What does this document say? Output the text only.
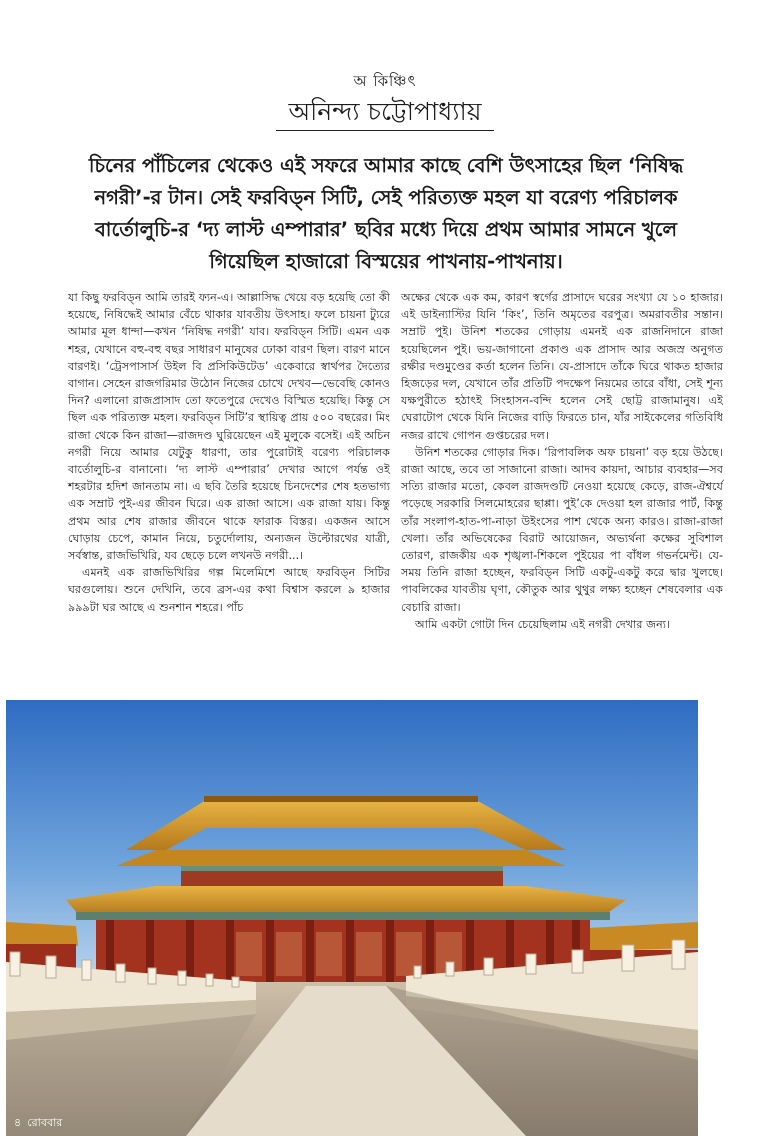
অ কিঞ্চিৎ
অনিন্দ্য চট্টোপাধ্যায়
চিনের পাঁচিলের থেকেও এই সফরে আমার কাছে বেশি উৎসাহের ছিল ‘নিষিদ্ধ নগরী’-র টান। সেই ফরবিড্‌ন সিটি, সেই পরিত্যক্ত মহল যা বরেণ্য পরিচালক বার্তোলুচি-র ‘দ্য লাস্ট এম্পারার’ ছবির মধ্যে দিয়ে প্রথম আমার সামনে খুলে গিয়েছিল হাজারো বিস্ময়ের পাখনায়-পাখনায়।

যা কিছু ফরবিড্‌ন আমি তারই ফ্যন-এ। আল্লাসিদ্ধ খেয়ে বড় হয়েছি তো কী হয়েছে, নিষিদ্ধেই আমার বেঁচে থাকার যাবতীয় উৎসাহ। ফলে চায়না ট্যুরে আমার মূল ধান্দা—কখন ‘নিষিদ্ধ নগরী’ যাব। ফরবিড্‌ন সিটি। এমন এক শহর, যেখানে বহু-বহু বছর সাধারণ মানুষের ঢোকা বারণ ছিল। বারণ মানে বারণই। ‘ট্রেসপাসার্স উইল বি প্রসিকিউটেড’ একেবারে স্বার্থপর দৈত্যের বাগান। সেহেন রাজগরিমার উঠোন নিজের চোখে দেখব—ভেবেছি কোনও দিন? এলানো রাজপ্রাসাদ তো ফতেপুরে দেখেও বিস্মিত হয়েছি। কিন্তু সে ছিল এক পরিত্যক্ত মহল। ফরবিড্‌ন সিটি’র স্থায়িত্ব প্রায় ৫০০ বছরের। মিং রাজা থেকে কিন রাজা—রাজদণ্ড ঘুরিয়েছেন এই মুলুকে বসেই। এই অচিন নগরী নিয়ে আমার যেটুকু ধারণা, তার পুরোটাই বরেণ্য পরিচালক বার্তোলুচি-র বানানো। ‘দ্য লাস্ট এম্পারার’ দেখার আগে পর্যন্ত ওই শহরটার হদিশ জানতাম না। এ ছবি তৈরি হয়েছে চিনদেশের শেষ হতভাগ্য এক সম্রাট পুই-এর জীবন ঘিরে। এক রাজা আসে। এক রাজা যায়। কিন্তু প্রথম আর শেষ রাজার জীবনে থাকে ফারাক বিস্তর। একজন আসে ঘোড়ায় চেপে, কামান নিয়ে, চতুর্দোলায়, অন্যজন উল্টোরথের যাত্রী, সর্বস্বান্ত, রাজভিখিরি, যব ছেড়ে চলে লখনউ নগরী...।

এমনই এক রাজভিখিরির গল্প মিলেমিশে আছে ফরবিড্‌ন সিটির ঘরগুলোয়। শুনে দেখিনি, তবে ব্রস-এর কথা বিশ্বাস করলে ৯ হাজার ৯৯৯টা ঘর আছে এ শুনশান শহরে। পাঁচ

অক্ষের থেকে এক কম, কারণ স্বর্গের প্রাসাদে ঘরের সংখ্যা যে ১০ হাজার। এই ডাইন্যাস্টির যিনি ‘কিং’, তিনি অমৃতের বরপুত্র। অমরাবতীর সন্তান। সম্রাট পুই। উনিশ শতকের গোড়ায় এমনই এক রাজনিদানে রাজা হয়েছিলেন পুই। ভয়-জাগানো প্রকাণ্ড এক প্রাসাদ আর অজস্র অনুগত রক্ষীর দণ্ডমুণ্ডের কর্তা হলেন তিনি। যে-প্রাসাদে তাঁকে ঘিরে থাকত হাজার হিজড়ের দল, যেখানে তাঁর প্রতিটি পদক্ষেপ নিয়মের তারে বাঁধা, সেই শূন্য যক্ষপুরীতে হঠাৎই সিংহাসন-বন্দি হলেন সেই ছোট্ট রাজামানুষ। এই ঘেরাটোপ থেকে যিনি নিজের বাড়ি ফিরতে চান, যাঁর সাইকেলের গতিবিধি নজর রাখে গোপন গুপ্তচরের দল।

উনিশ শতকের গোড়ার দিক। ‘রিপাবলিক অফ চায়না’ বড় হয়ে উঠছে। রাজা আছে, তবে তা সাজানো রাজা। আদব কায়দা, আচার ব্যবহার—সব সত্যি রাজার মতো, কেবল রাজদণ্ডটি নেওয়া হয়েছে কেড়ে, রাজ-ঐশ্বর্যে পড়েছে সরকারি সিলমোহরের ছাপ্পা। পুই’কে দেওয়া হল রাজার পার্ট, কিন্তু তাঁর সংলাপ-হাত-পা-নাড়া উইংসের পাশ থেকে অন্য কারও। রাজা-রাজা খেলা। তাঁর অভিষেকের বিরাট আয়োজন, অভ্যর্থনা কক্ষের সুবিশাল তোরণ, রাজকীয় এক শৃঙ্খলা-শিকলে পুইয়ের পা বাঁধল গভর্নমেন্ট। যে-সময় তিনি রাজা হচ্ছেন, ফরবিড্‌ন সিটি একটু-একটু করে দ্বার খুলছে। পাবলিকের যাবতীয় ঘৃণা, কৌতুক আর থুথুর লক্ষ্য হচ্ছেন শেষবেলার এক বেচারি রাজা।

আমি একটা গোটা দিন চেয়েছিলাম এই নগরী দেখার জন্য।

৪ রোববার
